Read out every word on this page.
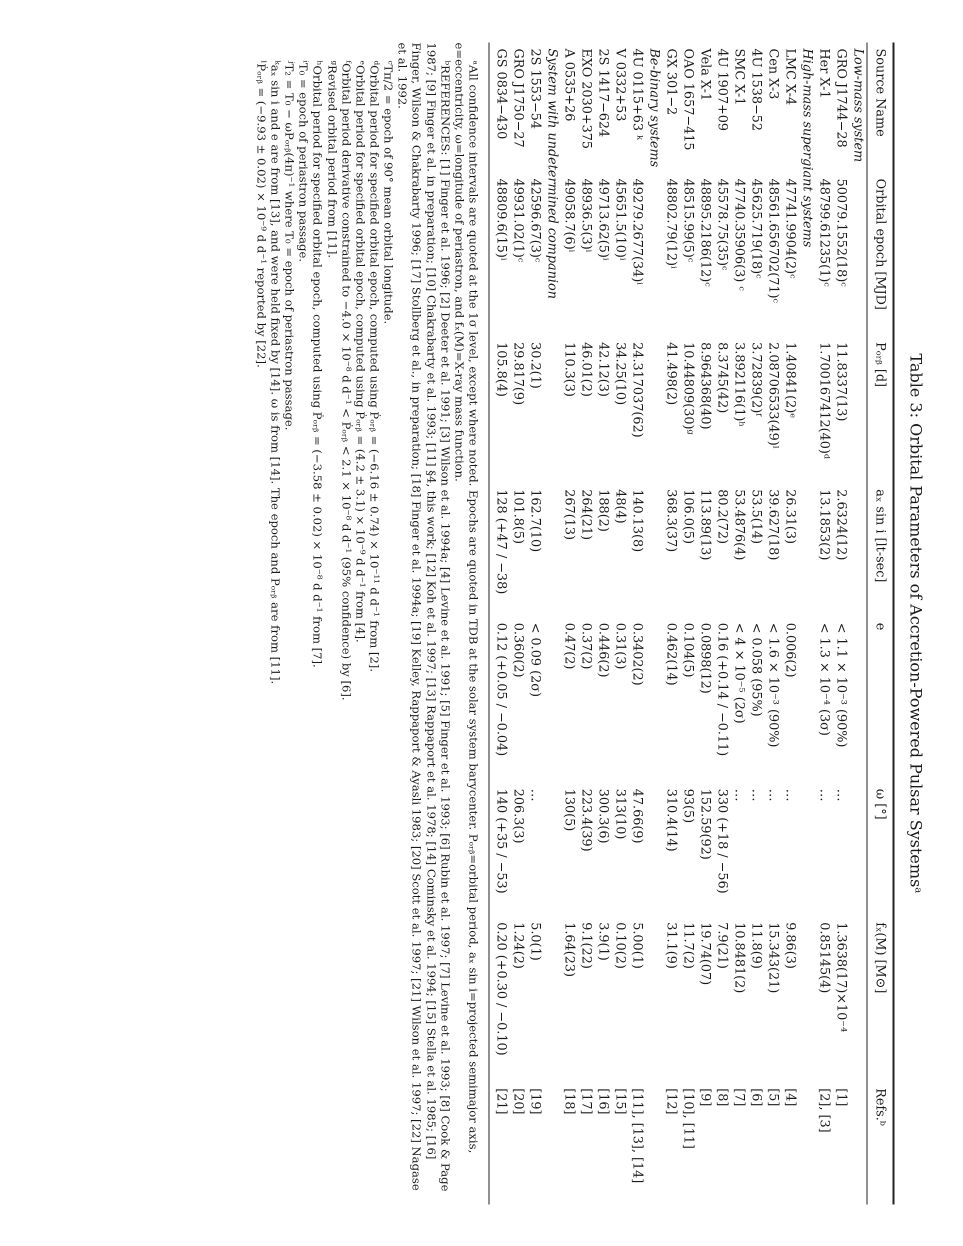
Table 3: Orbital Parameters of Accretion-Powered Pulsar Systemsᵃ

Source Name	Orbital epoch [MJD]	Pₒᵣᵦ [d]	aₓ sin i [lt-sec]	e	ω [°]	fₓ(M) [M⊙]	Refs.ᵇ
Low-mass system							
GRO J1744−28	50079.1552(18)ᶜ	11.8337(13)	2.6324(12)	< 1.1 × 10⁻³ (90%)	…	1.3638(17)×10⁻⁴	[1]
Her X-1	48799.61235(1)ᶜ	1.700167412(40)ᵈ	13.1853(2)	< 1.3 × 10⁻⁴ (3σ)	…	0.85145(4)	[2], [3]
High-mass supergiant systems							
LMC X-4	47741.9904(2)ᶜ	1.40841(2)ᵉ	26.31(3)	0.006(2)	…	9.86(3)	[4]
Cen X-3	48561.656702(71)ᶜ	2.08706533(49)ˡ	39.627(18)	< 1.6 × 10⁻³ (90%)	…	15.343(21)	[5]
4U 1538−52	45625.719(18)ᶜ	3.72839(2)ᶠ	53.5(14)	< 0.058 (95%)	…	11.8(9)	[6]
SMC X-1	47740.35906(3) ᶜ	3.892116(1)ʰ	53.4876(4)	< 4 × 10⁻⁵ (2σ)	…	10.8481(2)	[7]
4U 1907+09	45578.75(35)ᶜ	8.3745(42)	80.2(72)	0.16 (+0.14 / −0.11)	330 (+18 / −56)	7.9(21)	[8]
Vela X-1	48895.2186(12)ᶜ	8.964368(40)	113.89(13)	0.0898(12)	152.59(92)	19.74(07)	[9]
OAO 1657−415	48515.99(5)ᶜ	10.44809(30)ᵍ	106.0(5)	0.104(5)	93(5)	11.7(2)	[10], [11]
GX 301−2	48802.79(12)ⁱ	41.498(2)	368.3(37)	0.462(14)	310.4(14)	31.1(9)	[12]
Be-binary systems							
4U 0115+63 ᵏ	49279.2677(34)ⁱ	24.317037(62)	140.13(8)	0.3402(2)	47.66(9)	5.00(1)	[11], [13], [14]
V 0332+53	45651.5(10)ⁱ	34.25(10)	48(4)	0.31(3)	313(10)	0.10(2)	[15]
2S 1417−624	49713.62(5)ⁱ	42.12(3)	188(2)	0.446(2)	300.3(6)	3.9(1)	[16]
EXO 2030+375	48936.5(3)ⁱ	46.01(2)	264(21)	0.37(2)	223.4(39)	9.1(22)	[17]
A 0535+26	49058.7(6)ⁱ	110.3(3)	267(13)	0.47(2)	130(5)	1.64(23)	[18]
System with undetermined companion							
2S 1553−54	42596.67(3)ᶜ	30.2(1)	162.7(10)	< 0.09 (2σ)	…	5.0(1)	[19]
GRO J1750−27	49931.02(1)ᶜ	29.817(9)	101.8(5)	0.360(2)	206.3(3)	1.24(2)	[20]
GS 0834−430	48809.6(15)ⁱ	105.8(4)	128 (+47 / −38)	0.12 (+0.05 / −0.04)	140 (+35 / −53)	0.20 (+0.30 / −0.10)	[21]

ᵃAll confidence intervals are quoted at the 1σ level, except where noted. Epochs are quoted in TDB at the solar system barycenter. Pₒᵣᵦ=orbital period, aₓ sin i=projected semimajor axis, e=eccentricity, ω=longitude of periastron, and fₓ(M)=X-ray mass function.

ᵇREFERENCES: [1] Finger et al. 1996; [2] Deeter et al. 1991; [3] Wilson et al. 1994a; [4] Levine et al. 1991; [5] Finger et al. 1993; [6] Rubin et al. 1997; [7] Levine et al. 1993; [8] Cook & Page 1987; [9] Finger et al. in preparation; [10] Chakrabarty et al. 1993; [11] §4, this work; [12] Koh et al. 1997; [13] Rappaport et al. 1978; [14] Cominsky et al. 1994; [15] Stella et al. 1985; [16] Finger, Wilson & Chakrabarty 1996; [17] Stollberg et al., in preparation; [18] Finger et al. 1994a; [19] Kelley, Rappaport & Ayasli 1983; [20] Scott et al. 1997; [21] Wilson et al. 1997; [22] Nagase et al. 1992.

ᶜTπ/2 = epoch of 90° mean orbital longitude.

ᵈOrbital period for specified orbital epoch, computed using Ṗₒᵣᵦ = (−6.16 ± 0.74) × 10⁻¹¹ d d⁻¹ from [2].

ᵉOrbital period for specified orbital epoch, computed using Ṗₒᵣᵦ = (4.2 ± 3.1) × 10⁻⁹ d d⁻¹ from [4].

ᶠOrbital period derivative constrained to −4.0 × 10⁻⁸ d d⁻¹ < Ṗₒᵣᵦ < 2.1 × 10⁻⁸ d d⁻¹ (95% confidence) by [6].

ᵍRevised orbital period from [11].

ʰOrbital period for specified orbital epoch, computed using Ṗₒᵣᵦ = (−3.58 ± 0.02) × 10⁻⁸ d d⁻¹ from [7].

ⁱT₀ = epoch of periastron passage.

ʲT₂ = T₀ − ωPₒᵣᵦ(4π)⁻¹ where T₀ = epoch of periastron passage.

ᵏaₓ sin i and e are from [13], and were held fixed by [14]. ω is from [14]. The epoch and Pₒᵣᵦ are from [11].

ˡṖₒᵣᵦ = (−9.93 ± 0.02) × 10⁻⁹ d d⁻¹ reported by [22].
